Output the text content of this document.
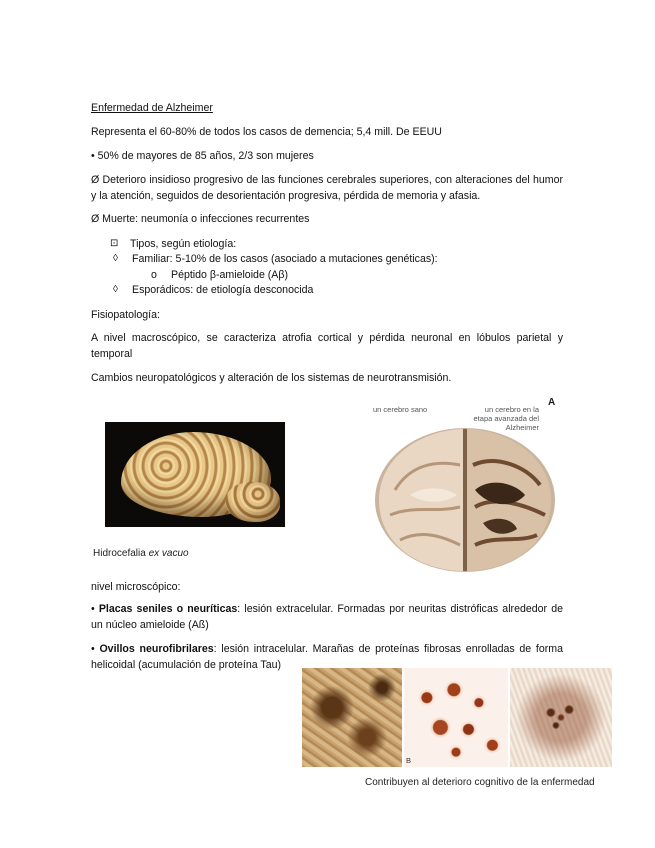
Enfermedad de Alzheimer
Representa el 60-80% de todos los casos de demencia; 5,4 mill. De EEUU
• 50% de mayores de 85 años, 2/3 son mujeres
Ø Deterioro insidioso progresivo de las funciones cerebrales superiores, con alteraciones del humor y la atención, seguidos de desorientación progresiva, pérdida de memoria y afasia.
Ø Muerte: neumonía o infecciones recurrentes
⊡ Tipos, según etiología:
◊ Familiar: 5-10% de los casos (asociado a mutaciones genéticas):
o Péptido β-amieloide (Aβ)
◊ Esporádicos: de etiología desconocida
Fisiopatología:
A nivel macroscópico, se caracteriza atrofia cortical y pérdida neuronal en lóbulos parietal y temporal
Cambios neuropatológicos y alteración de los sistemas de neurotransmisión.
Hidrocefalia ex vacuo
un cerebro sano	un cerebro en la etapa avanzada del Alzheimer
A
nivel microscópico:
• Placas seniles o neuríticas: lesión extracelular. Formadas por neuritas distróficas alrededor de un núcleo amieloide (Aß)
• Ovillos neurofibrilares: lesión intracelular. Marañas de proteínas fibrosas enrolladas de forma helicoidal (acumulación de proteína Tau)
B
Contribuyen al deterioro cognitivo de la enfermedad
